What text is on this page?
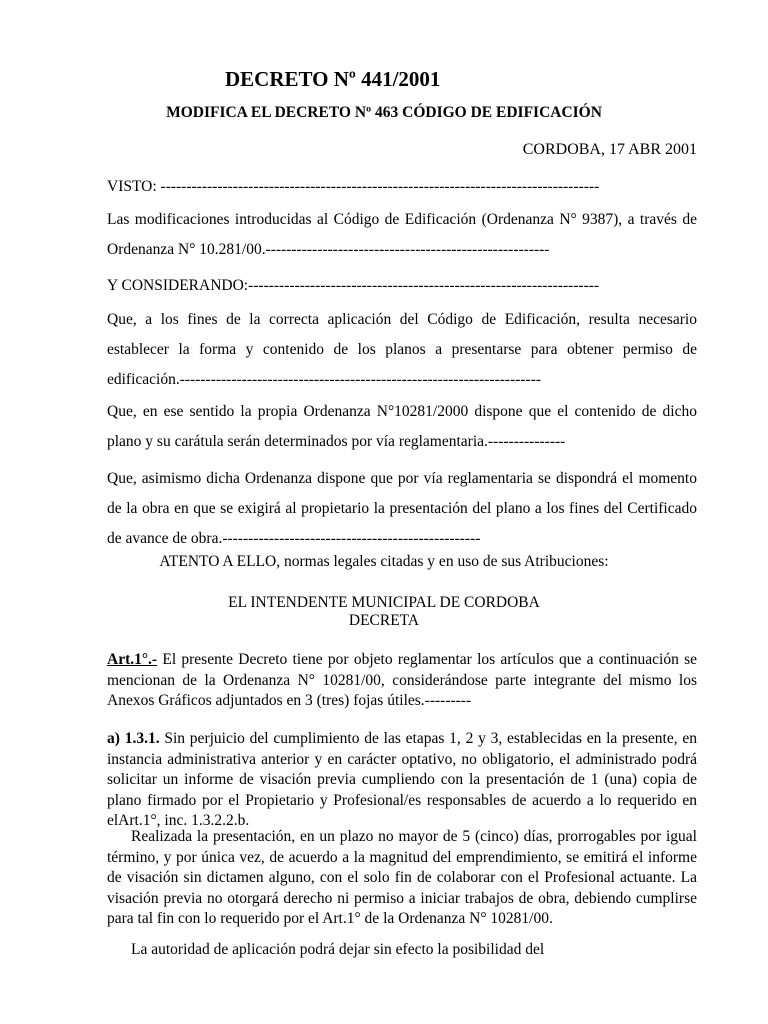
DECRETO Nº 441/2001
MODIFICA EL DECRETO Nº 463 CÓDIGO DE EDIFICACIÓN
CORDOBA, 17 ABR 2001
VISTO: -------------------------------------------------------------------------------------
Las modificaciones introducidas al Código de Edificación (Ordenanza N° 9387), a través de Ordenanza N° 10.281/00.-------------------------------------------------------
Y CONSIDERANDO:--------------------------------------------------------------------
Que, a los fines de la correcta aplicación del Código de Edificación, resulta necesario establecer la forma y contenido de los planos a presentarse para obtener permiso de edificación.----------------------------------------------------------------------
Que, en ese sentido la propia Ordenanza N°10281/2000 dispone que el contenido de dicho plano y su carátula serán determinados por vía reglamentaria.---------------
Que, asimismo dicha Ordenanza dispone que por vía reglamentaria se dispondrá el momento de la obra en que se exigirá al propietario la presentación del plano a los fines del Certificado de avance de obra.--------------------------------------------------
ATENTO A ELLO, normas legales citadas y en uso de sus Atribuciones:
EL INTENDENTE MUNICIPAL DE CORDOBA
DECRETA
Art.1°.- El presente Decreto tiene por objeto reglamentar los artículos que a continuación se mencionan de la Ordenanza N° 10281/00, considerándose parte integrante del mismo los Anexos Gráficos adjuntados en 3 (tres) fojas útiles.---------
a) 1.3.1. Sin perjuicio del cumplimiento de las etapas 1, 2 y 3, establecidas en la presente, en instancia administrativa anterior y en carácter optativo, no obligatorio, el administrado podrá solicitar un informe de visación previa cumpliendo con la presentación de 1 (una) copia de plano firmado por el Propietario y Profesional/es responsables de acuerdo a lo requerido en elArt.1°, inc. 1.3.2.2.b.
Realizada la presentación, en un plazo no mayor de 5 (cinco) días, prorrogables por igual término, y por única vez, de acuerdo a la magnitud del emprendimiento, se emitirá el informe de visación sin dictamen alguno, con el solo fin de colaborar con el Profesional actuante. La visación previa no otorgará derecho ni permiso a iniciar trabajos de obra, debiendo cumplirse para tal fin con lo requerido por el Art.1° de la Ordenanza N° 10281/00.
La autoridad de aplicación podrá dejar sin efecto la posibilidad del
